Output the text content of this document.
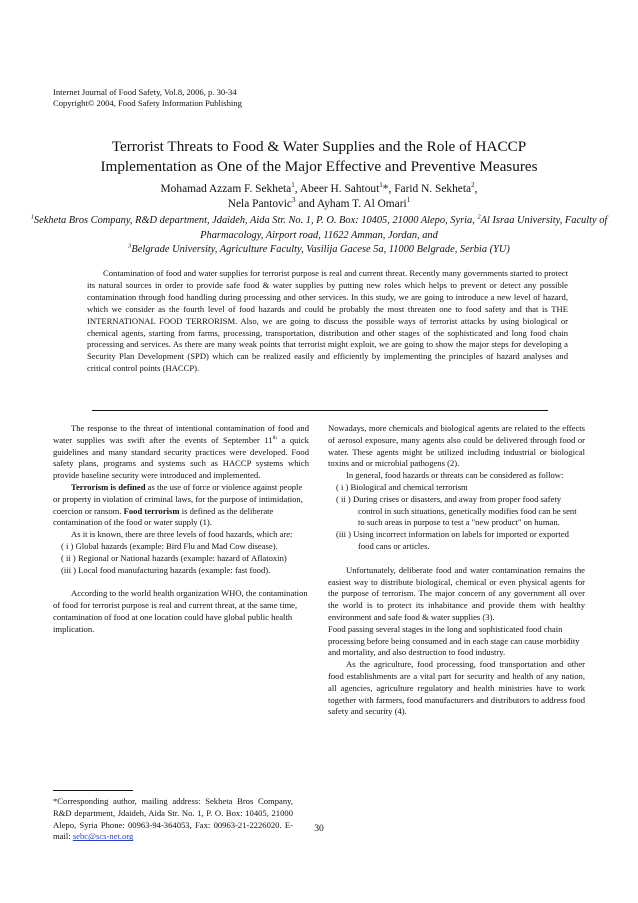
Internet Journal of Food Safety, Vol.8, 2006, p. 30-34
Copyright© 2004, Food Safety Information Publishing
Terrorist Threats to Food & Water Supplies and the Role of HACCP
Implementation as One of the Major Effective and Preventive Measures
Mohamad Azzam F. Sekheta$^1$, Abeer H. Sahtout$^1$*, Farid N. Sekheta$^2$,
Nela Pantovic$^3$ and Ayham T. Al Omari$^1$
$^1$Sekheta Bros Company, R&D department, Jdaideh, Aida Str. No. 1, P. O. Box: 10405, 21000 Alepo, Syria, $^2$Al Israa University, Faculty of Pharmacology, Airport road, 11622 Amman, Jordan, and
$^3$Belgrade University, Agriculture Faculty, Vasilija Gacese 5a, 11000 Belgrade, Serbia (YU)
Contamination of food and water supplies for terrorist purpose is real and current threat. Recently many governments started to protect its natural sources in order to provide safe food & water supplies by putting new roles which helps to prevent or detect any possible contamination through food handling during processing and other services. In this study, we are going to introduce a new level of hazard, which we consider as the fourth level of food hazards and could be probably the most threaten one to food safety and that is THE INTERNATIONAL FOOD TERRORISM. Also, we are going to discuss the possible ways of terrorist attacks by using biological or chemical agents, starting from farms, processing, transportation, distribution and other stages of the sophisticated and long food chain processing and services. As there are many weak points that terrorist might exploit, we are going to show the major steps for developing a Security Plan Development (SPD) which can be realized easily and efficiently by implementing the principles of hazard analyses and critical control points (HACCP).

The response to the threat of intentional contamination of food and water supplies was swift after the events of September 11th a quick guidelines and many standard security practices were developed. Food safety plans, programs and systems such as HACCP systems which provide baseline security were introduced and implemented.

Terrorism is defined as the use of force or violence against people or property in violation of criminal laws, for the purpose of intimidation, coercion or ransom. Food terrorism is defined as the deliberate contamination of the food or water supply (1).

As it is known, there are three levels of food hazards, which are:

( i ) Global hazards (example: Bird Flu and Mad Cow disease).

( ii ) Regional or National hazards (example: hazard of Aflatoxin)

(iii ) Local food manufacturing hazards (example: fast food).

According to the world health organization WHO, the contamination of food for terrorist purpose is real and current threat, at the same time, contamination of food at one location could have global public health implication.

*Corresponding author, mailing address: Sekheta Bros Company, R&D department, Jdaideh, Aida Str. No. 1, P. O. Box: 10405, 21000 Alepo, Syria Phone: 00963-94-364053, Fax: 00963-21-2226020. E-mail: sebc@scs-net.org

Nowadays, more chemicals and biological agents are related to the effects of aerosol exposure, many agents also could be delivered through food or water. These agents might be utilized including industrial or biological toxins and or microbial pathogens (2).

In general, food hazards or threats can be considered as follow:

( i ) Biological and chemical terrorism

( ii ) During crises or disasters, and away from proper food safety control in such situations, genetically modifies food can be sent to such areas in purpose to test a "new product" on human.

(iii ) Using incorrect information on labels for imported or exported food cans or articles.

Unfortunately, deliberate food and water contamination remains the easiest way to distribute biological, chemical or even physical agents for the purpose of terrorism. The major concern of any government all over the world is to protect its inhabitance and provide them with healthy environment and safe food & water supplies (3).

Food passing several stages in the long and sophisticated food chain processing before being consumed and in each stage can cause morbidity and mortality, and also destruction to food industry.

As the agriculture, food processing, food transportation and other food establishments are a vital part for security and health of any nation, all agencies, agriculture regulatory and health ministries have to work together with farmers, food manufacturers and distributors to address food safety and security (4).

30
